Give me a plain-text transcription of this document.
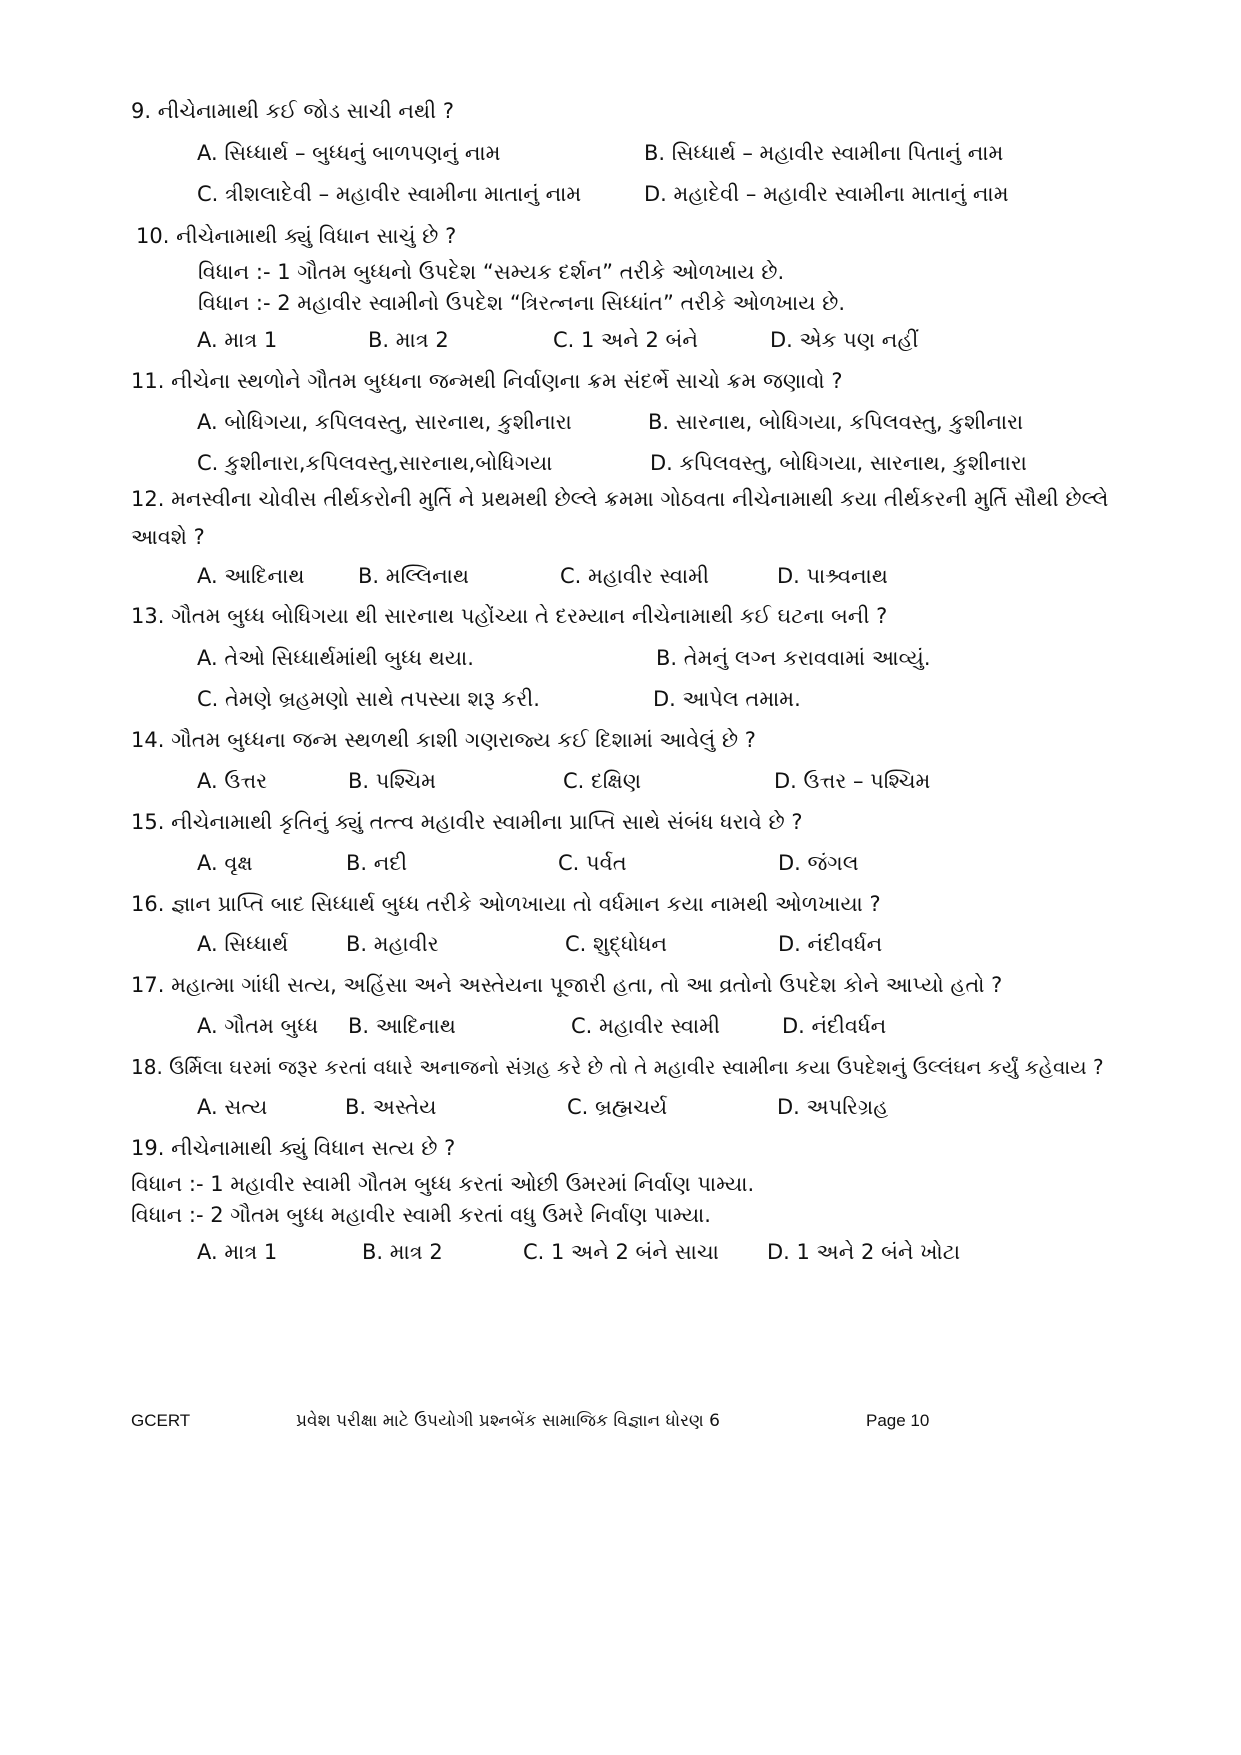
9. નીચેનામાથી કઈ જોડ સાચી નથી ?
A. સિધ્ધાર્થ – બુધ્ધનું બાળપણનું નામ	B. સિધ્ધાર્થ – મહાવીર સ્વામીના પિતાનું નામ
C. ત્રીશલાદેવી – મહાવીર સ્વામીના માતાનું નામ	D. મહાદેવી – મહાવીર સ્વામીના માતાનું નામ
10. નીચેનામાથી ક્યું વિધાન સાચું છે ?
વિધાન :- 1 ગૌતમ બુધ્ધનો ઉપદેશ “સમ્યક દર્શન” તરીકે ઓળખાય છે.
વિધાન :- 2 મહાવીર સ્વામીનો ઉપદેશ “ત્રિરત્નના સિધ્ધાંત” તરીકે ઓળખાય છે.
A. માત્ર 1	B. માત્ર 2	C. 1 અને 2 બંને	D. એક પણ નહીં
11. નીચેના સ્થળોને ગૌતમ બુધ્ધના જન્મથી નિર્વાણના ક્રમ સંદર્ભે સાચો ક્રમ જણાવો ?
A. બોધિગયા, કપિલવસ્તુ, સારનાથ, કુશીનારા	B. સારનાથ, બોધિગયા, કપિલવસ્તુ, કુશીનારા
C. કુશીનારા,કપિલવસ્તુ,સારનાથ,બોધિગયા	D. કપિલવસ્તુ, બોધિગયા, સારનાથ, કુશીનારા
12. મનસ્વીના ચોવીસ તીર્થકરોની મુર્તિ ને પ્રથમથી છેલ્લે ક્રમમા ગોઠવતા નીચેનામાથી કયા તીર્થકરની મુર્તિ સૌથી છેલ્લે
આવશે ?
A. આદિનાથ	B. મલ્લિનાથ	C. મહાવીર સ્વામી	D. પાશ્ર્વનાથ
13. ગૌતમ બુધ્ધ બોધિગયા થી સારનાથ પહોંચ્યા તે દરમ્યાન નીચેનામાથી કઈ ઘટના બની ?
A. તેઓ સિધ્ધાર્થમાંથી બુધ્ધ થયા.	B. તેમનું લગ્ન કરાવવામાં આવ્યું.
C. તેમણે બ્રહમણો સાથે તપસ્યા શરૂ કરી.	D. આપેલ તમામ.
14. ગૌતમ બુધ્ધના જન્મ સ્થળથી કાશી ગણરાજ્ય કઈ દિશામાં આવેલું છે ?
A. ઉત્તર	B. પશ્ચિમ	C. દક્ષિણ	D. ઉત્તર – પશ્ચિમ
15. નીચેનામાથી કૃતિનું ક્યું તત્ત્વ મહાવીર સ્વામીના પ્રાપ્તિ સાથે સંબંધ ધરાવે છે ?
A. વૃક્ષ	B. નદી	C. પર્વત	D. જંગલ
16. જ્ઞાન પ્રાપ્તિ બાદ સિધ્ધાર્થ બુધ્ધ તરીકે ઓળખાયા તો વર્ધમાન કયા નામથી ઓળખાયા ?
A. સિધ્ધાર્થ	B. મહાવીર	C. શુદ્ધોધન	D. નંદીવર્ધન
17. મહાત્મા ગાંધી સત્ય, અહિંસા અને અસ્તેયના પૂજારી હતા, તો આ વ્રતોનો ઉપદેશ કોને આપ્યો હતો ?
A. ગૌતમ બુધ્ધ B. આદિનાથ	C. મહાવીર સ્વામી	D. નંદીવર્ધન
18. ઉર્મિલા ઘરમાં જરૂર કરતાં વધારે અનાજનો સંગ્રહ કરે છે તો તે મહાવીર સ્વામીના કયા ઉપદેશનું ઉલ્લંઘન કર્યું કહેવાય ?
A. સત્ય	B. અસ્તેય	C. બ્રહ્મચર્ય	D. અપરિગ્રહ
19. નીચેનામાથી ક્યું વિધાન સત્ય છે ?
વિધાન :- 1 મહાવીર સ્વામી ગૌતમ બુધ્ધ કરતાં ઓછી ઉમરમાં નિર્વાણ પામ્યા.
વિધાન :- 2 ગૌતમ બુધ્ધ મહાવીર સ્વામી કરતાં વધુ ઉમરે નિર્વાણ પામ્યા.
A. માત્ર 1	B. માત્ર 2	C. 1 અને 2 બંને સાચા D. 1 અને 2 બંને ખોટા
GCERT	પ્રવેશ પરીક્ષા માટે ઉપયોગી પ્રશ્નબેંક સામાજિક વિજ્ઞાન ધોરણ 6	Page 10
